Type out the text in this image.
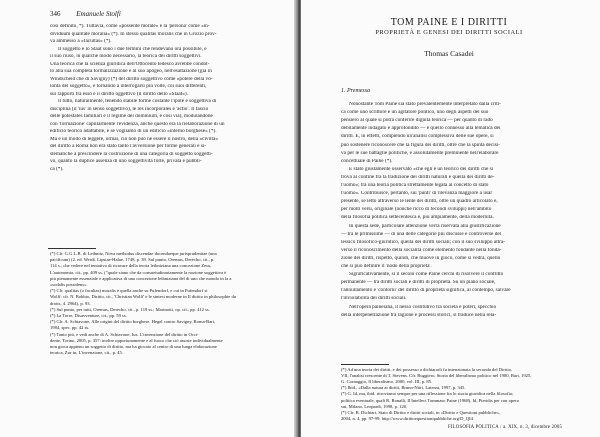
346 Emanuele Stolfi
così definito, *). Tuttavia, come «possente morale» e la 'persona' come «in-
dividuum qualitate moralia» (*). In stesso qualitas moralis che in Grozio prov-
va ammesso a «facultas» (*).
Il soggetto e lo Staat sono i due termini che rendevano ora possibile, e
il suo riuso, in qualche modo necessario, la teorica dei diritti soggettivi.
Una teorica che la scienza giuridica dell'Ottocento tedesco avrebbe condot-
to alla sua completa formalizzazione e al suo apogeo, nell'esaltazione (già in
Windscheid che di Savigny) (*) del diritto soggettivo come «potere della vo-
lontà del soggetto», e tornando a interrogarsi più volte, coi suoi differenti,
sui rapporti fra esso e il diritto oggettivo (il diritto dello «Staat»).
Il tutto, naturalmente, tenendo stabile forme costante l'ipote e soggettiva di
disciplina (il 'ius' in senso soggettivo), le res incorporales e 'actio'. Il fascio
delle potestates familiari e il regime del dominium, e così via), modulandone
con 'formazione' capillarmente l'evidenza, anche questo era la rielaborazione di un
edificio teorico adattabile, e se vogliamo di un edificio «interno borghese» (*).
Ma è un modo di leggere, ormai, ciò non può né essere il nostro, della «civiltà»
del diritto a Roma non era stato tanto l'avversione per forme generali e si-
stematiche a prescindere la costruzione di una categoria di soggetto soggetti-
vo, quanto la duplice assenza di uno soggettività forte, privata e pubbli-
ca (*).
(*) Cfr. G.G.L.B. di Leibnitz, Nova methodus discendae docendaeque jurisprudentiae (uno
pacificum) (2. ed. Werdt. Lipsiae-Halae, 1748, p. 39. Sul punto, Oremus, Derecho, cit., p.
114 s.; che vedere nel tentativo di ricavare della teoria leibniziana una concezione Zeus,
L'autonomia, cit., pp. 409 ss. ("quale siano che da consuetudinariamente la nozione soggettiva è
più pienamente essenziale e applicativa di una concezione leibniziana del di uno che mondo in la a
«sodalis possidens».
(*) Cfr. qualitas (o facultas) moralis è quella anche su Pufendorf, e cui in Pufendorf si
Wolff: cfr. N. Bobbio, Diritto, cit., 'Christian Wolff' e le sintesi moderne in Il diritto in philosophie du
droits, 4. 2964), p. 93.
(*) Sul punto, per tutti, Oremus, Derecho, cit., p. 119 ss.; Marinotti, op. cit., pp. 412 ss.
(*) La Torre, Disavventure, cit., pp. 59 ss.
(*) Cfr. A. Schiavone, Alle origini del diritto borghese. Hegel contro Savigny, Roma-Bari,
1984, spec. pp. 42 ss.
(*) Tanto più, e vedi anche di A. Schiavone, Ius. L'invenzione del diritto in Occi-
dente, Torino, 2005, p. 357: inoltre opportunamente e al fuoco che ciò assiste individualmente
non gioca appieno un soggetto di diritto, ma ha giocato al centro di una lunga elaborazione
teorica, Zur in, L'invenzione, cit., p. 45.
TOM PAINE E I DIRITTI
PROPRIETÀ E GENESI DEI DIRITTI SOCIALI
Thomas Casadei
1. Premessa
Nonostante Tom Paine sia stato prevalentemente interpretato dalla criti-
ca come uno scrittore e un agitatore politico, uno degli aspetti del suo
pensiero al quale si potrà conferire dignità teorica — per quanto di rado
debitamente indagato e approfondito — è quello connesso alla tematica dei
diritti. E, in effetti, compiendo un'analisi complessiva delle sue opere, si
può sostenere riconoscere che la figura dei diritti, oltre che la spinta decisi-
va per le sue battaglie politiche, è assolutamente preminente nell'elaborare
concettuale di Paine (*).
È stato giustamente osservato «che egli è un teorico dei diritti che si
trova al confine fra la tradizione dei diritti naturali e quella dei diritti de-
l'uomo»; tra una teoria politica strettamente legata al concetto di stato
l'uomo». Contribuisce, pertanto, sui 'punti' di rilevanza maggiore a usar
presente, se letto attraverso le lente dei diritti, oltre un quadro articolato e,
per molti versi, originale (nonché ricco di fecondi sviluppi) nell'ambito
della filosofia politica settecentesca e, più ampiamente, della modernità.
In questa sede, particolare attenzione verrà riservata alla giustificazione
— tra le primissime — di una delle categorie più discusse e controverse del
lessico filosofico-giuridico, quella dei diritti sociali; con il suo sviluppo attra-
verso il riconoscimento della socialità come elemento fondante nella fonda-
zione dei diritti, rispetto, quindi, che muove in gioco, come si vedrà, quello
che si può definire il 'nodo della proprietà'.
Significativamente, si il secolo come Paine cerchi di risolvere il conflitto
permanente — tra diritti sociali e diritti di proprietà. Su un piano sociale,
l'annullamento e 'contorni' del diritto di proprietà significa, al contempo, salvare
l'inviolabilità dei diritti sociali.
Nell'opera paineiana, il nesso costitutivo tra società e poteri, specchio
della interpenetrazione tra ragione e processi storici, si traduce nella rela-
(*) Ad una teoria dei diritti, e dei possesso a dichiararli fu intenzionata la seconda del Diritto,
VII, l'analisi crescente di T. Stevens. Cfr. Ruggiero, Storia del liberalismo politico nel 1900, Bari, 1925,
G. Cornaggio, Il liberalismo, 2000, vol. III, p. 85.
(*) Ibid., «Dalla natura ai diritti, Bruno-Nitri, Laterza, 1997, p. 345.
(*) G. Id, ma, ibid. ritroviamo sempre per una riflessione fra lo storia giuridica nella filosofia;
politica eventuale, quali R. Ronalli, Il Intellect Tommaso Paine (1968), Id, Pieridis per con opera
sui, Milano, Leopardi, 1998, p. 120.
(*) Cfr. B. Dichiari, Stato di Diritto e diritti sociali, in «Diritto e Questioni pubbliche»,
2004, n. 4, pp. 97-99: http://www.dirittoequestionipubbliche.org/D_QI4
FILOSOFIA POLITICA / a. XIX, n. 3, dicembre 2005
